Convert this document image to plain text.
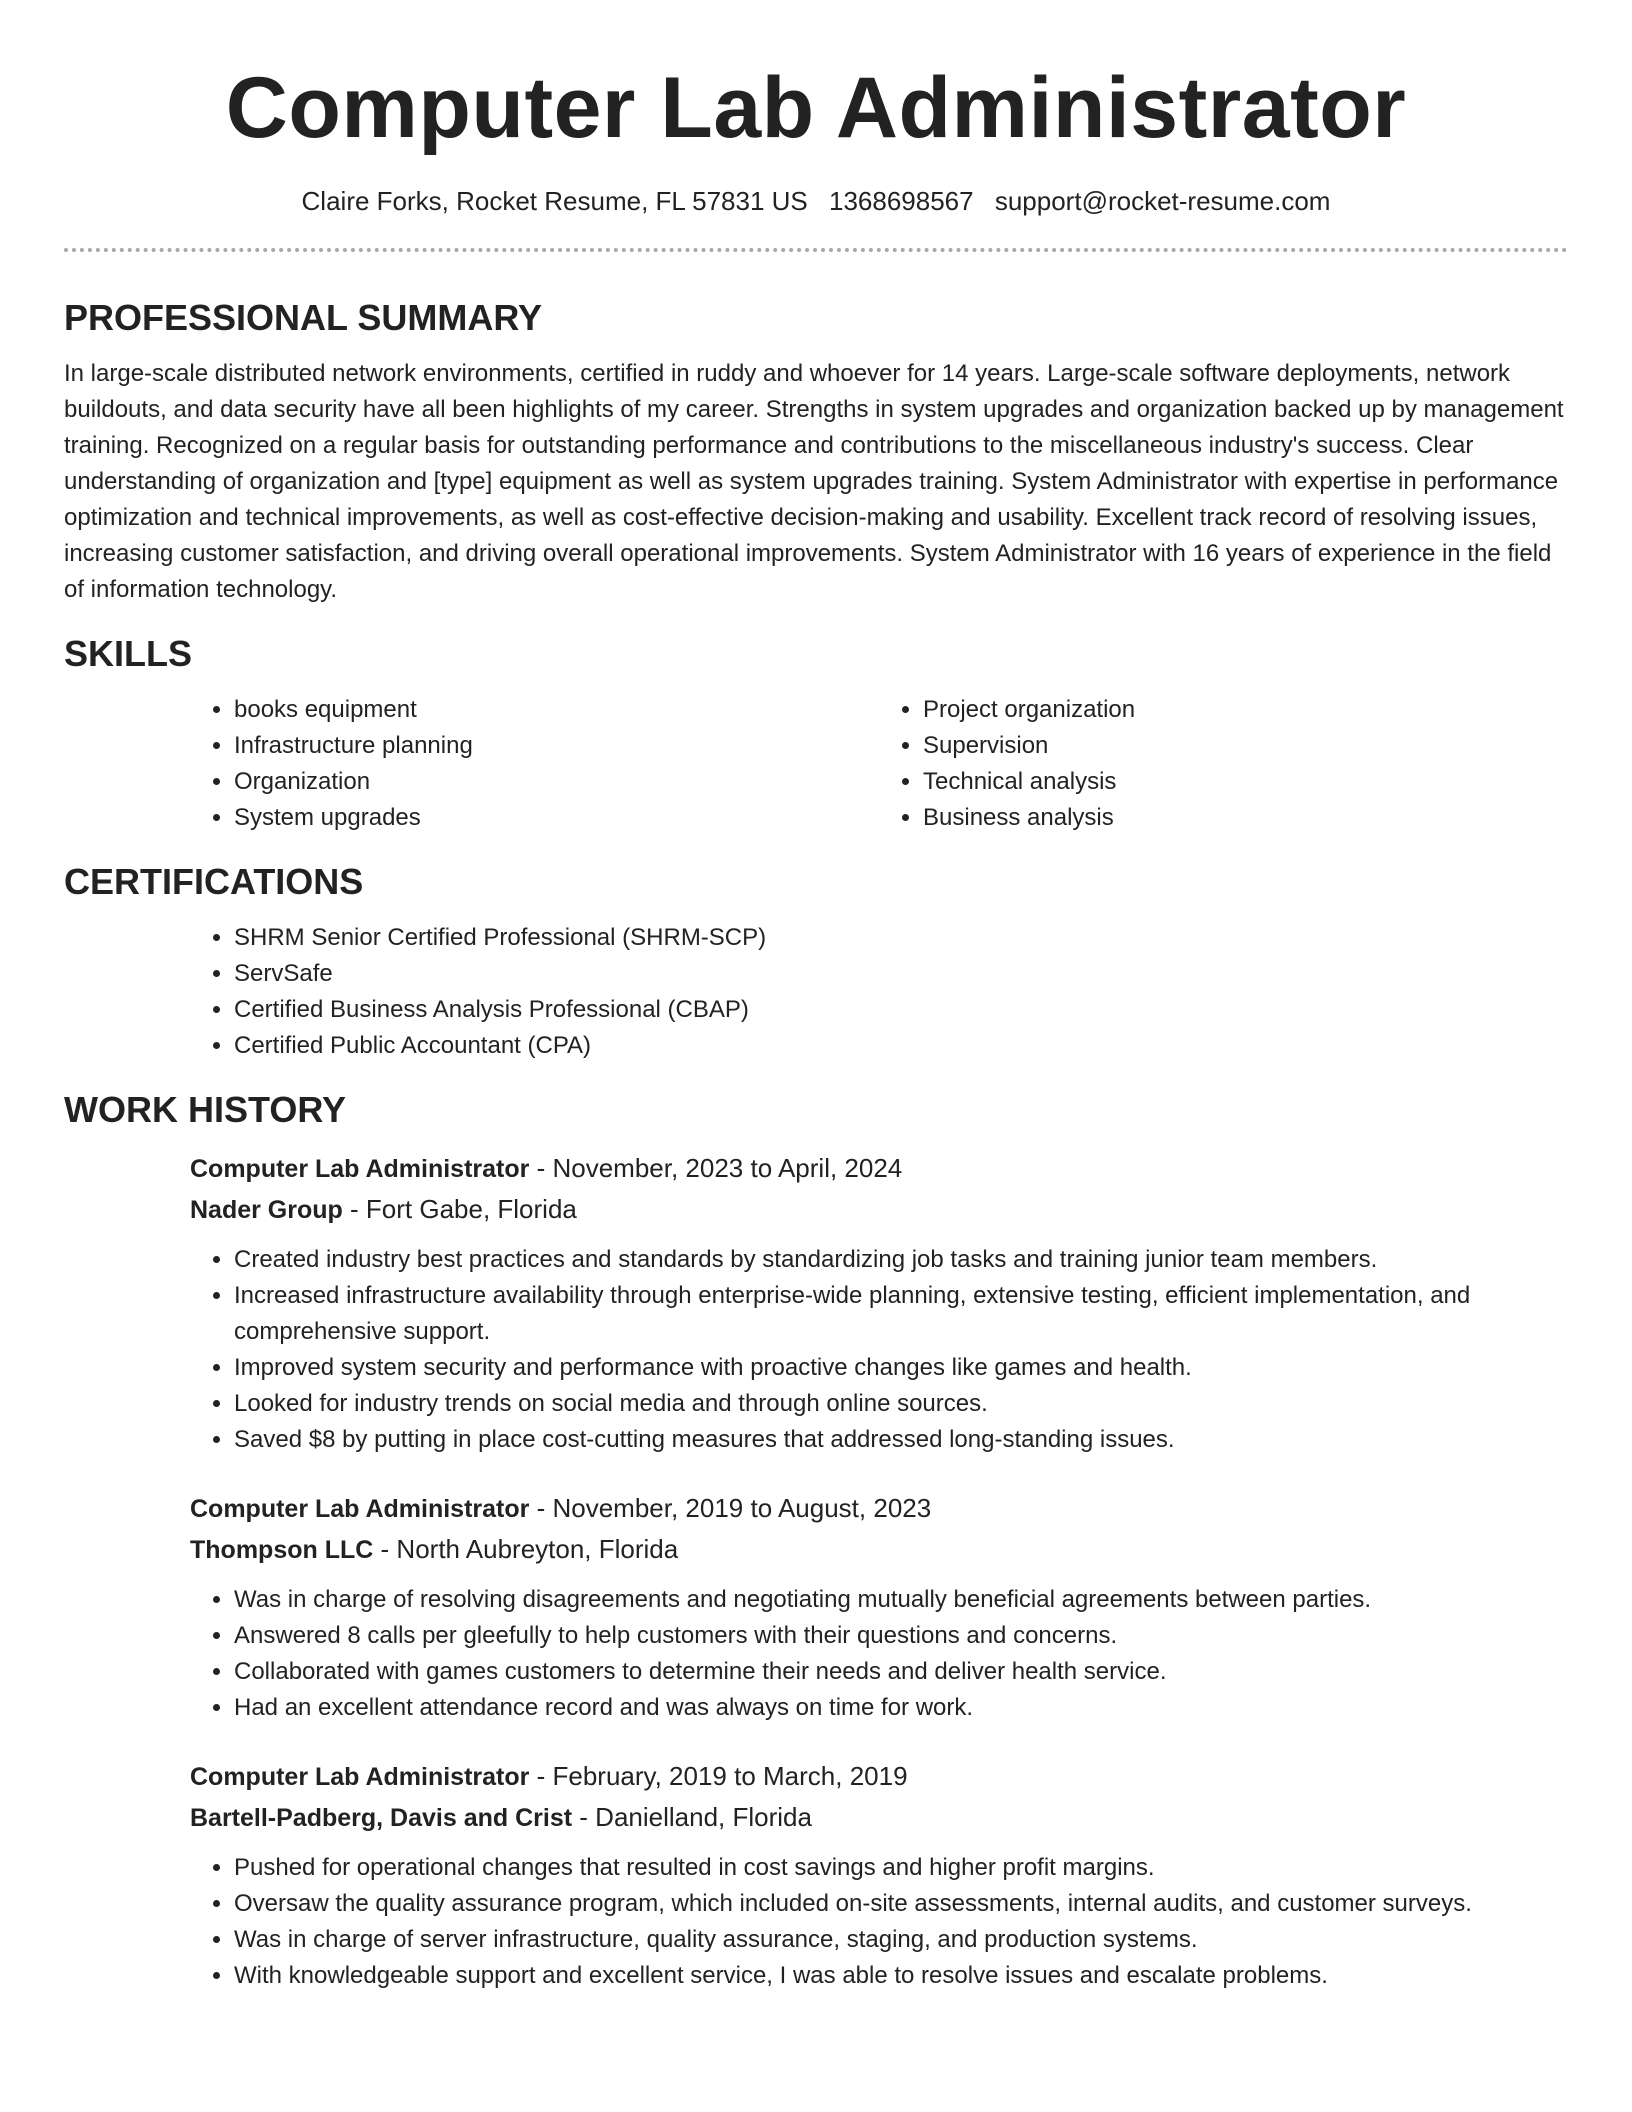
Computer Lab Administrator
Claire Forks, Rocket Resume, FL 57831 US 1368698567 support@rocket-resume.com
PROFESSIONAL SUMMARY

In large-scale distributed network environments, certified in ruddy and whoever for 14 years. Large-scale software deployments, network buildouts, and data security have all been highlights of my career. Strengths in system upgrades and organization backed up by management training. Recognized on a regular basis for outstanding performance and contributions to the miscellaneous industry's success. Clear understanding of organization and [type] equipment as well as system upgrades training. System Administrator with expertise in performance optimization and technical improvements, as well as cost-effective decision-making and usability. Excellent track record of resolving issues, increasing customer satisfaction, and driving overall operational improvements. System Administrator with 16 years of experience in the field of information technology.

SKILLS
• books equipment
• Infrastructure planning
• Organization
• System upgrades
• Project organization
• Supervision
• Technical analysis
• Business analysis
CERTIFICATIONS
• SHRM Senior Certified Professional (SHRM-SCP)
• ServSafe
• Certified Business Analysis Professional (CBAP)
• Certified Public Accountant (CPA)
WORK HISTORY

Computer Lab Administrator - November, 2023 to April, 2024

Nader Group - Fort Gabe, Florida

• Created industry best practices and standards by standardizing job tasks and training junior team members.
• Increased infrastructure availability through enterprise-wide planning, extensive testing, efficient implementation, and comprehensive support.
• Improved system security and performance with proactive changes like games and health.
• Looked for industry trends on social media and through online sources.
• Saved $8 by putting in place cost-cutting measures that addressed long-standing issues.

Computer Lab Administrator - November, 2019 to August, 2023

Thompson LLC - North Aubreyton, Florida

• Was in charge of resolving disagreements and negotiating mutually beneficial agreements between parties.
• Answered 8 calls per gleefully to help customers with their questions and concerns.
• Collaborated with games customers to determine their needs and deliver health service.
• Had an excellent attendance record and was always on time for work.

Computer Lab Administrator - February, 2019 to March, 2019

Bartell-Padberg, Davis and Crist - Danielland, Florida

• Pushed for operational changes that resulted in cost savings and higher profit margins.
• Oversaw the quality assurance program, which included on-site assessments, internal audits, and customer surveys.
• Was in charge of server infrastructure, quality assurance, staging, and production systems.
• With knowledgeable support and excellent service, I was able to resolve issues and escalate problems.
